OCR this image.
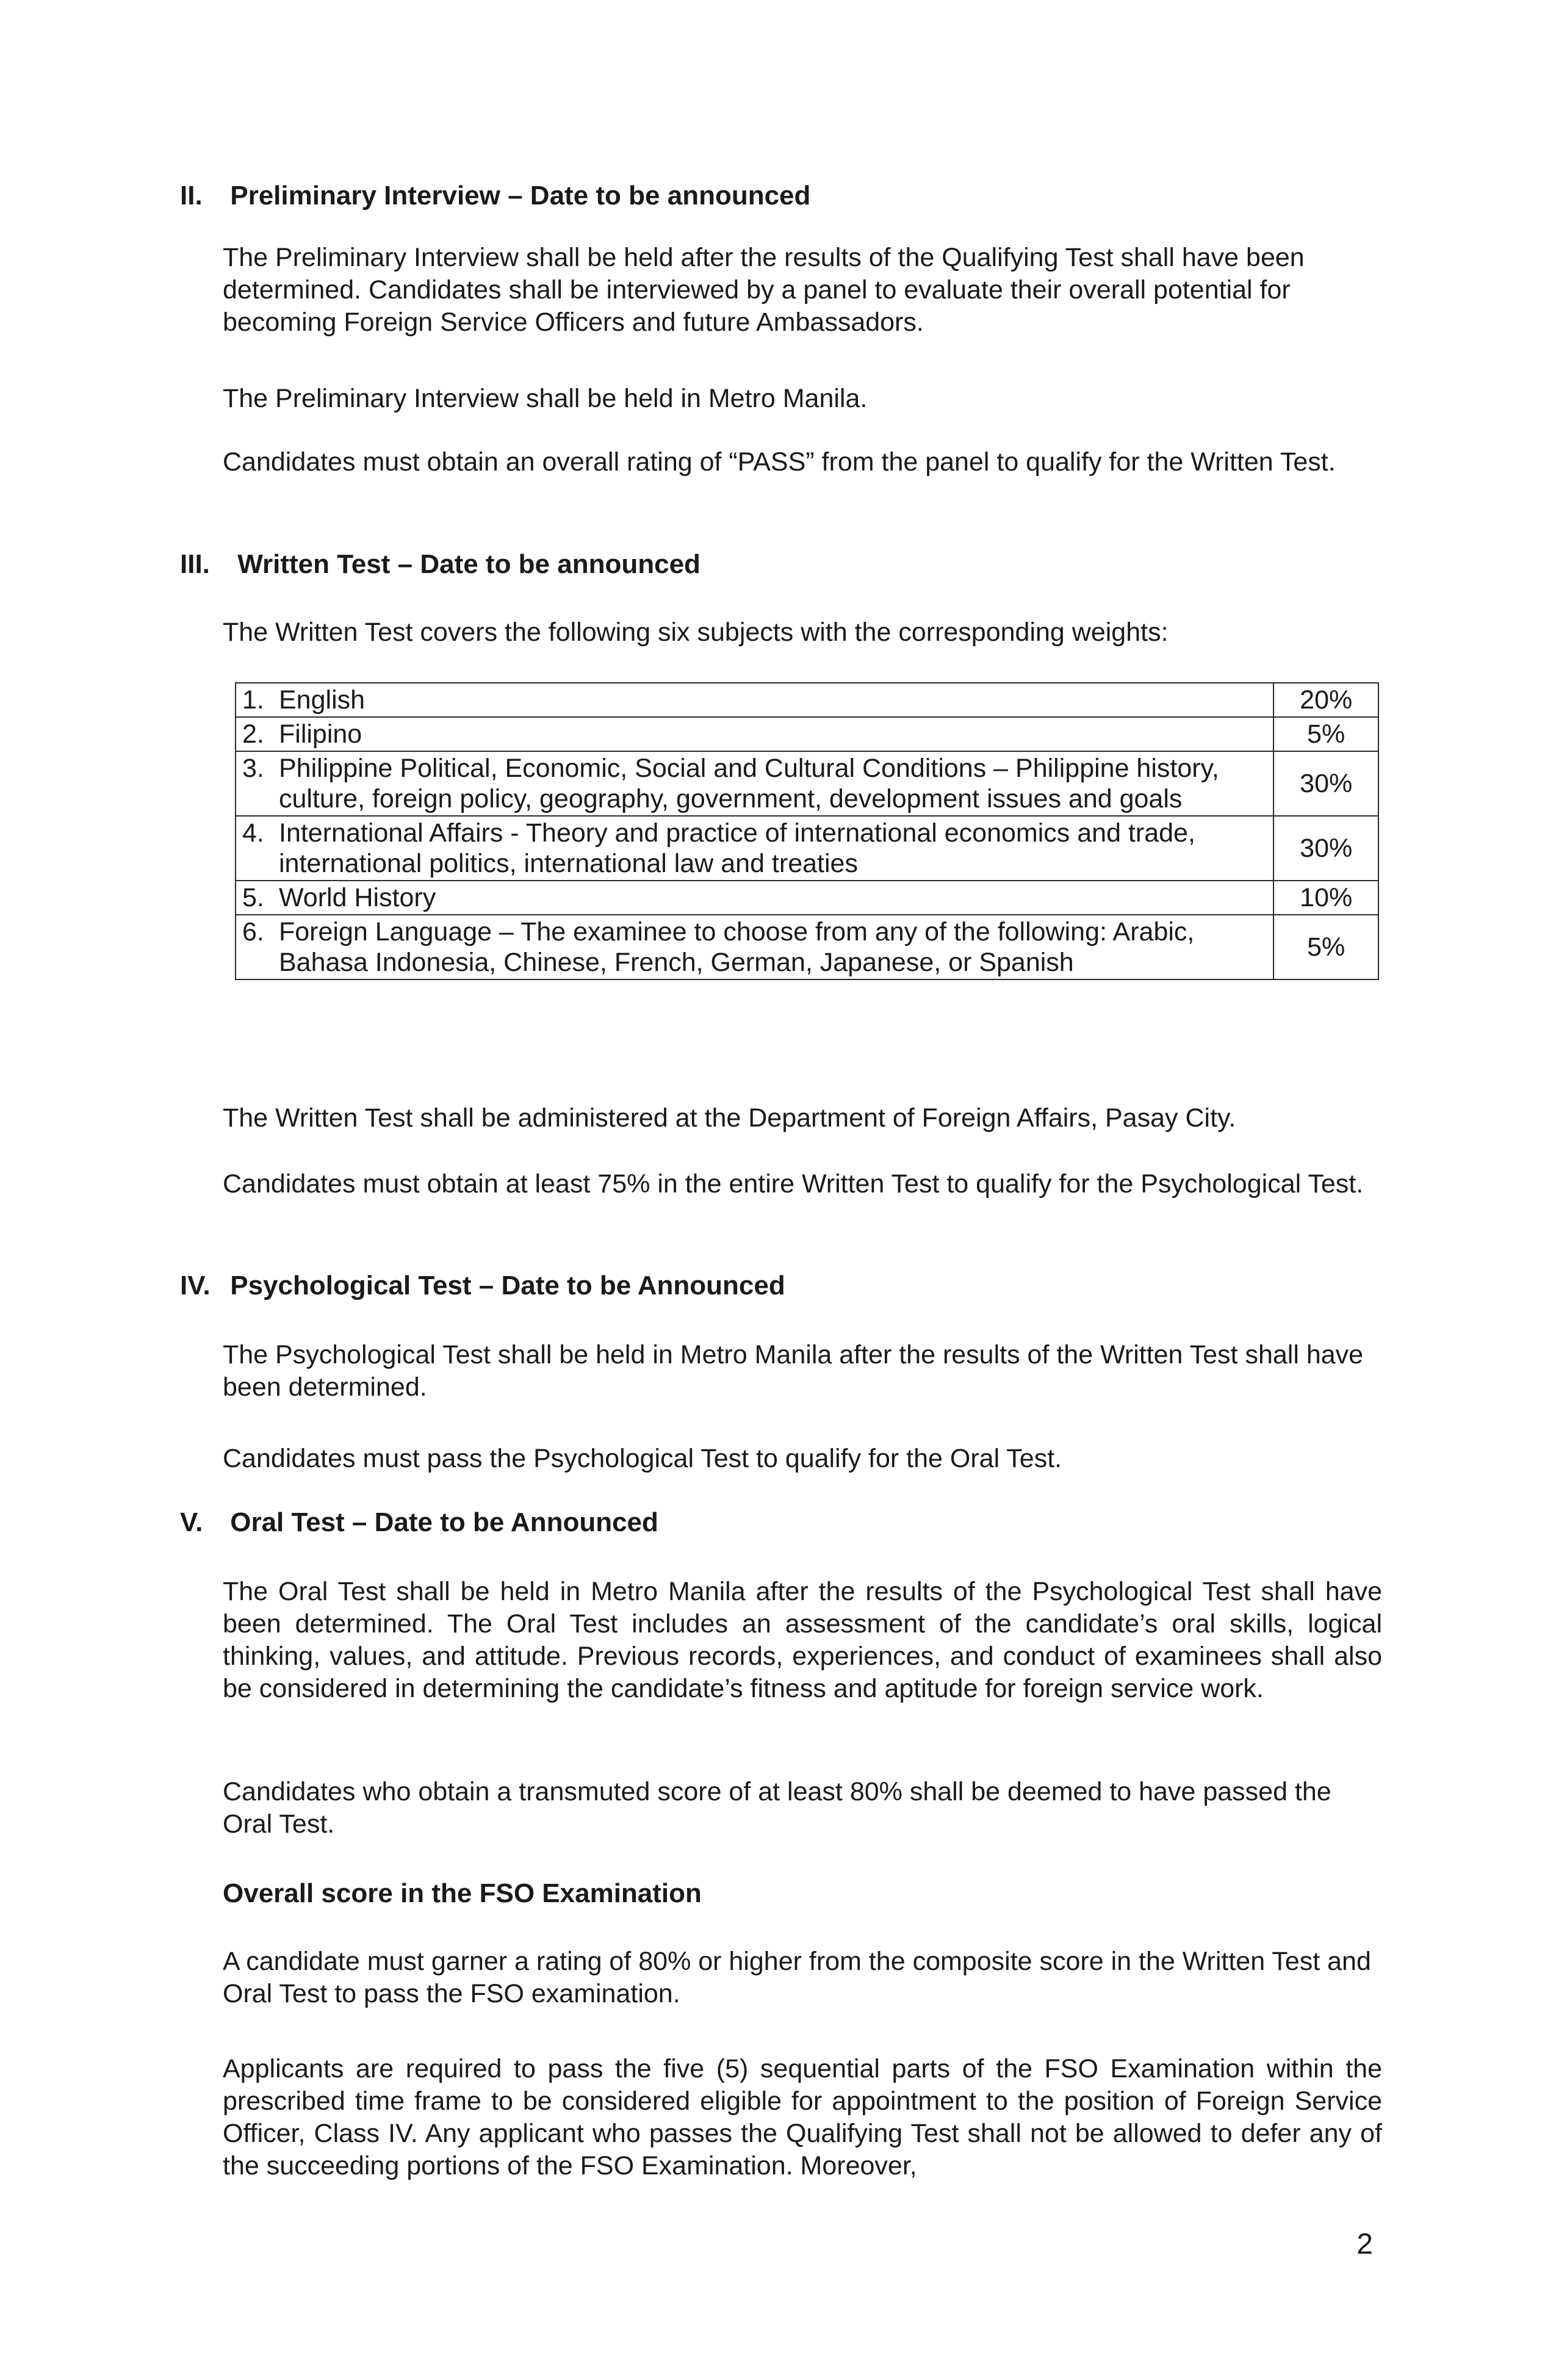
II. Preliminary Interview – Date to be announced
The Preliminary Interview shall be held after the results of the Qualifying Test shall have been determined. Candidates shall be interviewed by a panel to evaluate their overall potential for becoming Foreign Service Officers and future Ambassadors.
The Preliminary Interview shall be held in Metro Manila.
Candidates must obtain an overall rating of “PASS” from the panel to qualify for the Written Test.
III. Written Test – Date to be announced
The Written Test covers the following six subjects with the corresponding weights:
1. English	20%
2. Filipino	5%
3. Philippine Political, Economic, Social and Cultural Conditions – Philippine history, culture, foreign policy, geography, government, development issues and goals	30%
4. International Affairs - Theory and practice of international economics and trade, international politics, international law and treaties	30%
5. World History	10%
6. Foreign Language – The examinee to choose from any of the following: Arabic, Bahasa Indonesia, Chinese, French, German, Japanese, or Spanish	5%
The Written Test shall be administered at the Department of Foreign Affairs, Pasay City.
Candidates must obtain at least 75% in the entire Written Test to qualify for the Psychological Test.
IV. Psychological Test – Date to be Announced
The Psychological Test shall be held in Metro Manila after the results of the Written Test shall have been determined.
Candidates must pass the Psychological Test to qualify for the Oral Test.
V. Oral Test – Date to be Announced
The Oral Test shall be held in Metro Manila after the results of the Psychological Test shall have been determined. The Oral Test includes an assessment of the candidate’s oral skills, logical thinking, values, and attitude. Previous records, experiences, and conduct of examinees shall also be considered in determining the candidate’s fitness and aptitude for foreign service work.
Candidates who obtain a transmuted score of at least 80% shall be deemed to have passed the Oral Test.
Overall score in the FSO Examination
A candidate must garner a rating of 80% or higher from the composite score in the Written Test and Oral Test to pass the FSO examination.
Applicants are required to pass the five (5) sequential parts of the FSO Examination within the prescribed time frame to be considered eligible for appointment to the position of Foreign Service Officer, Class IV. Any applicant who passes the Qualifying Test shall not be allowed to defer any of the succeeding portions of the FSO Examination. Moreover,
2
